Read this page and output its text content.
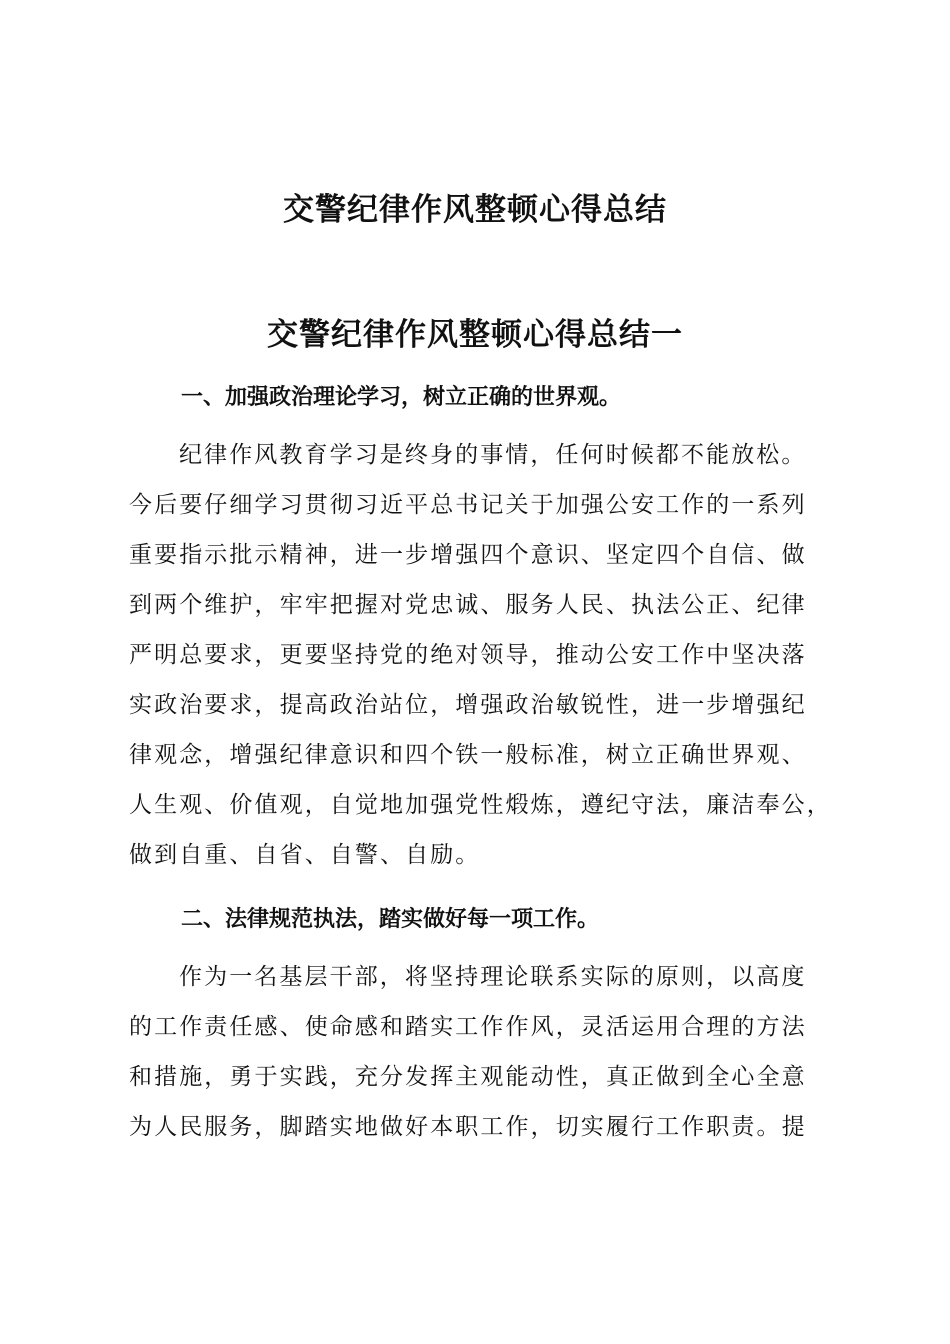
交警纪律作风整顿心得总结
交警纪律作风整顿心得总结一
一、加强政治理论学习，树立正确的世界观。
纪律作风教育学习是终身的事情，任何时候都不能放松。
今后要仔细学习贯彻习近平总书记关于加强公安工作的一系列
重要指示批示精神，进一步增强四个意识、坚定四个自信、做
到两个维护，牢牢把握对党忠诚、服务人民、执法公正、纪律
严明总要求，更要坚持党的绝对领导，推动公安工作中坚决落
实政治要求，提高政治站位，增强政治敏锐性，进一步增强纪
律观念，增强纪律意识和四个铁一般标准，树立正确世界观、
人生观、价值观，自觉地加强党性煅炼，遵纪守法，廉洁奉公，
做到自重、自省、自警、自励。
二、法律规范执法，踏实做好每一项工作。
作为一名基层干部，将坚持理论联系实际的原则，以高度
的工作责任感、使命感和踏实工作作风，灵活运用合理的方法
和措施，勇于实践，充分发挥主观能动性，真正做到全心全意
为人民服务，脚踏实地做好本职工作，切实履行工作职责。提
